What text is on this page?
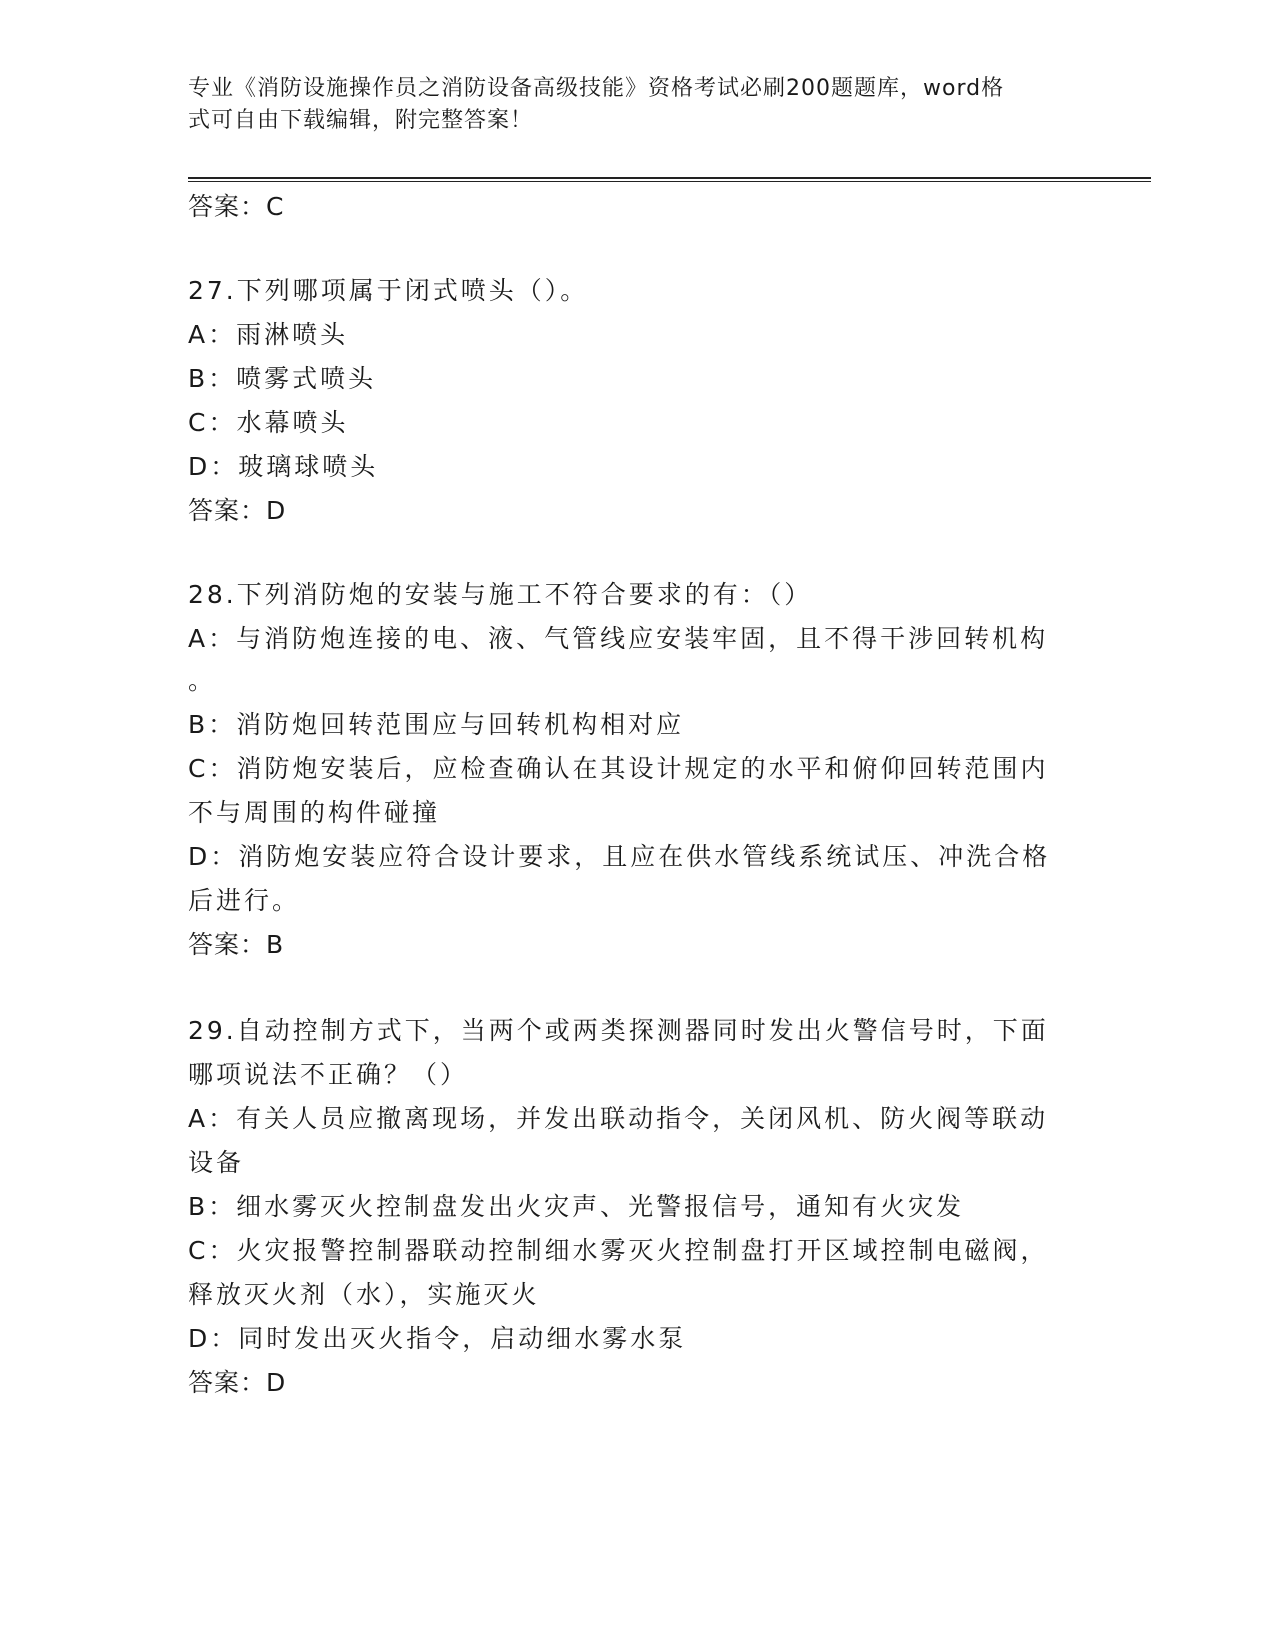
专业《消防设施操作员之消防设备高级技能》资格考试必刷200题题库，word格
式可自由下载编辑，附完整答案！
答案：C
27.下列哪项属于闭式喷头（）。
A：雨淋喷头
B：喷雾式喷头
C：水幕喷头
D：玻璃球喷头
答案：D
28.下列消防炮的安装与施工不符合要求的有：（）
A：与消防炮连接的电、液、气管线应安装牢固，且不得干涉回转机构
。
B：消防炮回转范围应与回转机构相对应
C：消防炮安装后，应检查确认在其设计规定的水平和俯仰回转范围内
不与周围的构件碰撞
D：消防炮安装应符合设计要求，且应在供水管线系统试压、冲洗合格
后进行。
答案：B
29.自动控制方式下，当两个或两类探测器同时发出火警信号时，下面
哪项说法不正确？（）
A：有关人员应撤离现场，并发出联动指令，关闭风机、防火阀等联动
设备
B：细水雾灭火控制盘发出火灾声、光警报信号，通知有火灾发
C：火灾报警控制器联动控制细水雾灭火控制盘打开区域控制电磁阀，
释放灭火剂（水），实施灭火
D：同时发出灭火指令，启动细水雾水泵
答案：D
